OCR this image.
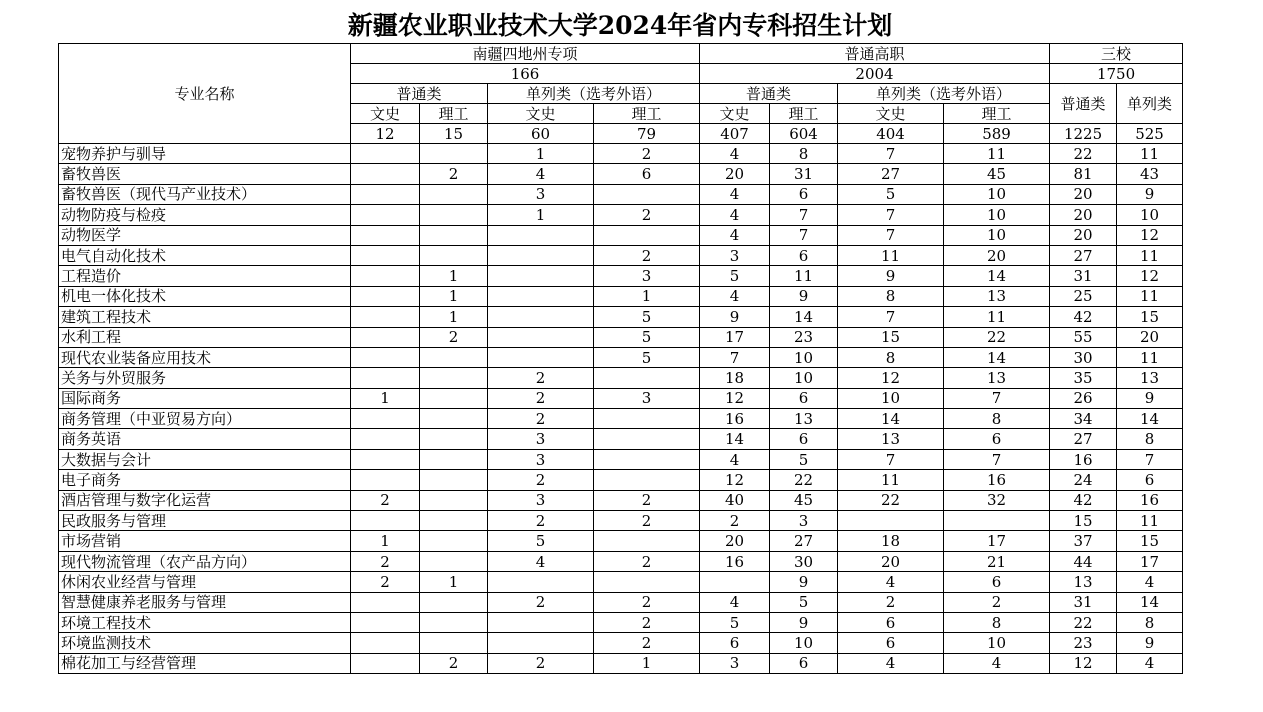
新疆农业职业技术大学2024年省内专科招生计划
专业名称	南疆四地州专项				普通高职				三校	
	166				2004				1750	
	普通类		单列类（选考外语）		普通类		单列类（选考外语）		普通类	单列类
	文史	理工	文史	理工	文史	理工	文史	理工		
	12	15	60	79	407	604	404	589	1225	525
宠物养护与驯导			1	2	4	8	7	11	22	11
畜牧兽医		2	4	6	20	31	27	45	81	43
畜牧兽医（现代马产业技术）			3		4	6	5	10	20	9
动物防疫与检疫			1	2	4	7	7	10	20	10
动物医学					4	7	7	10	20	12
电气自动化技术				2	3	6	11	20	27	11
工程造价		1		3	5	11	9	14	31	12
机电一体化技术		1		1	4	9	8	13	25	11
建筑工程技术		1		5	9	14	7	11	42	15
水利工程		2		5	17	23	15	22	55	20
现代农业装备应用技术				5	7	10	8	14	30	11
关务与外贸服务			2		18	10	12	13	35	13
国际商务	1		2	3	12	6	10	7	26	9
商务管理（中亚贸易方向）			2		16	13	14	8	34	14
商务英语			3		14	6	13	6	27	8
大数据与会计			3		4	5	7	7	16	7
电子商务			2		12	22	11	16	24	6
酒店管理与数字化运营	2		3	2	40	45	22	32	42	16
民政服务与管理			2	2	2	3			15	11
市场营销	1		5		20	27	18	17	37	15
现代物流管理（农产品方向）	2		4	2	16	30	20	21	44	17
休闲农业经营与管理	2	1				9	4	6	13	4
智慧健康养老服务与管理			2	2	4	5	2	2	31	14
环境工程技术				2	5	9	6	8	22	8
环境监测技术				2	6	10	6	10	23	9
棉花加工与经营管理		2	2	1	3	6	4	4	12	4
